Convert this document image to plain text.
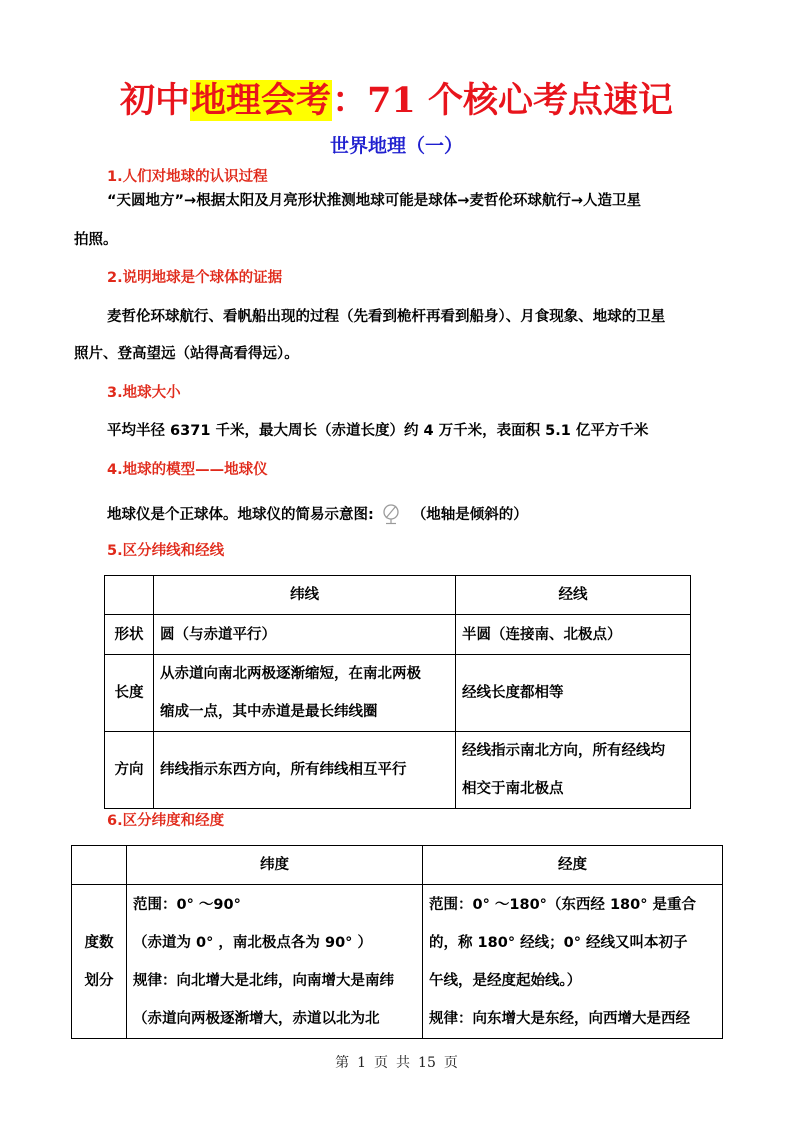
初中地理会考：71 个核心考点速记
世界地理（一）
1.人们对地球的认识过程
“天圆地方”→根据太阳及月亮形状推测地球可能是球体→麦哲伦环球航行→人造卫星
拍照。
2.说明地球是个球体的证据
麦哲伦环球航行、看帆船出现的过程（先看到桅杆再看到船身）、月食现象、地球的卫星
照片、登高望远（站得高看得远）。
3.地球大小
平均半径 6371 千米，最大周长（赤道长度）约 4 万千米，表面积 5.1 亿平方千米
4.地球的模型——地球仪
地球仪是个正球体。地球仪的简易示意图:	（地轴是倾斜的）
5.区分纬线和经线
	纬线	经线
形状	圆（与赤道平行）	半圆（连接南、北极点）

长度	从赤道向南北两极逐渐缩短，在南北两极
缩成一点，其中赤道是最长纬线圈	经线长度都相等

方向	纬线指示东西方向，所有纬线相互平行	经线指示南北方向，所有经线均
相交于南北极点
6.区分纬度和经度
	纬度	经度

度数
划分	范围：0° ～90°
（赤道为 0° ，南北极点各为 90° ）
规律：向北增大是北纬，向南增大是南纬
（赤道向两极逐渐增大，赤道以北为北	范围：0° ～180°（东西经 180° 是重合
的，称 180° 经线；0° 经线又叫本初子
午线，是经度起始线。）
规律：向东增大是东经，向西增大是西经
第 1 页 共 15 页
